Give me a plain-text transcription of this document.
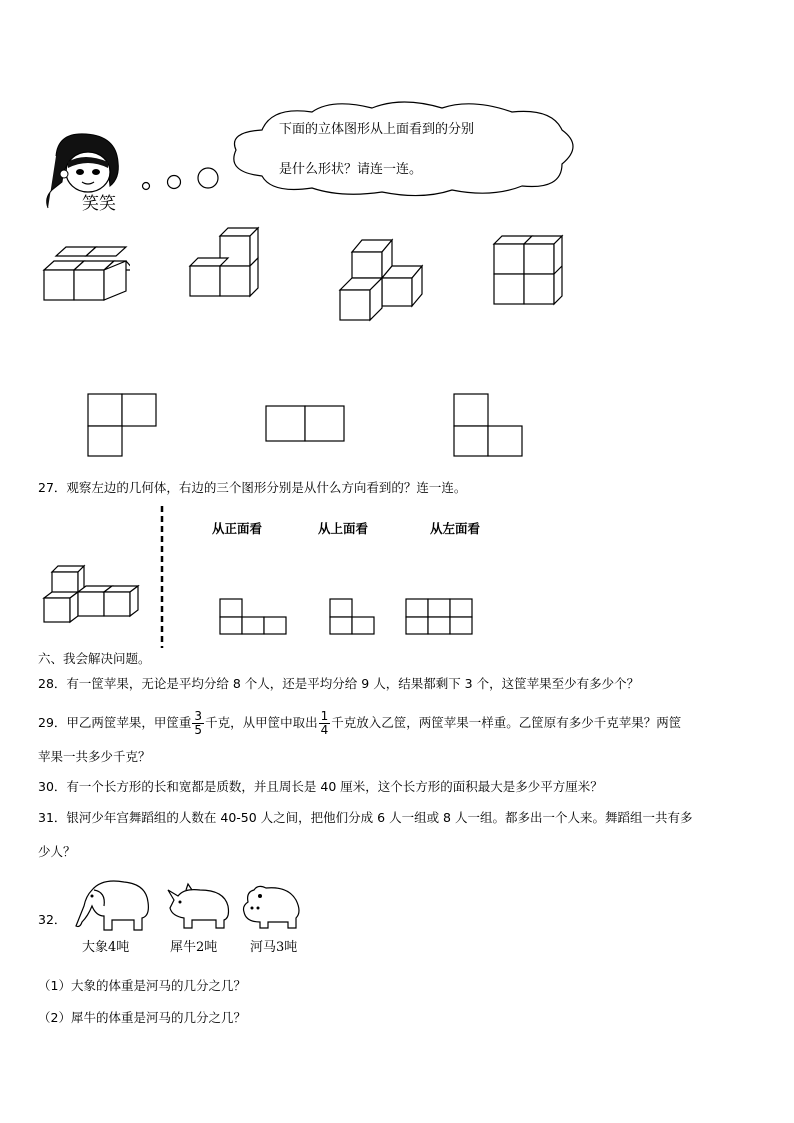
笑笑
下面的立体图形从上面看到的分别
是什么形状？请连一连。
27．观察左边的几何体，右边的三个图形分别是从什么方向看到的？连一连。
从正面看	从上面看	从左面看
六、我会解决问题。
28．有一筐苹果，无论是平均分给 8 个人，还是平均分给 9 人，结果都剩下 3 个，这筐苹果至少有多少个？
29．甲乙两筐苹果，甲筐重 $\frac{3}{5}$ 千克，从甲筐中取出 $\frac{1}{4}$ 千克放入乙筐，两筐苹果一样重。乙筐原有多少千克苹果？两筐
苹果一共多少千克？
30．有一个长方形的长和宽都是质数，并且周长是 40 厘米，这个长方形的面积最大是多少平方厘米？
31．银河少年宫舞蹈组的人数在 40-50 人之间，把他们分成 6 人一组或 8 人一组。都多出一个人来。舞蹈组一共有多
少人？
32．
大象4吨	犀牛2吨	河马3吨
（1）大象的体重是河马的几分之几？
（2）犀牛的体重是河马的几分之几？
